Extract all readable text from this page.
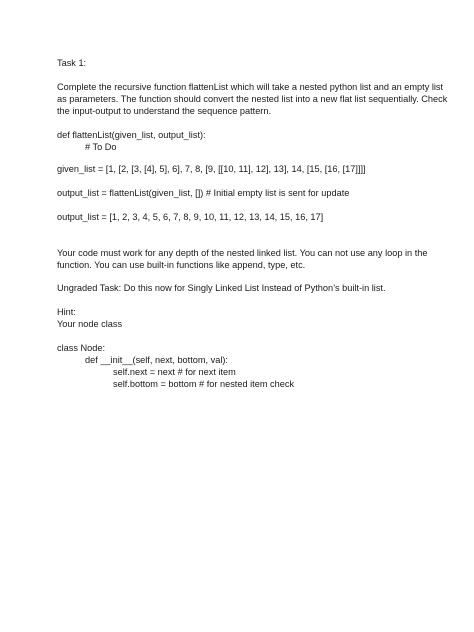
Task 1:
Complete the recursive function flattenList which will take a nested python list and an empty list
as parameters. The function should convert the nested list into a new flat list sequentially. Check
the input-output to understand the sequence pattern.
def flattenList(given_list, output_list):
# To Do
given_list = [1, [2, [3, [4], 5], 6], 7, 8, [9, [[10, 11], 12], 13], 14, [15, [16, [17]]]]
output_list = flattenList(given_list, []) # Initial empty list is sent for update
output_list = [1, 2, 3, 4, 5, 6, 7, 8, 9, 10, 11, 12, 13, 14, 15, 16, 17]
Your code must work for any depth of the nested linked list. You can not use any loop in the
function. You can use built-in functions like append, type, etc.
Ungraded Task: Do this now for Singly Linked List Instead of Python’s built-in list.
Hint:
Your node class
class Node:
def __init__(self, next, bottom, val):
self.next = next # for next item
self.bottom = bottom # for nested item check
